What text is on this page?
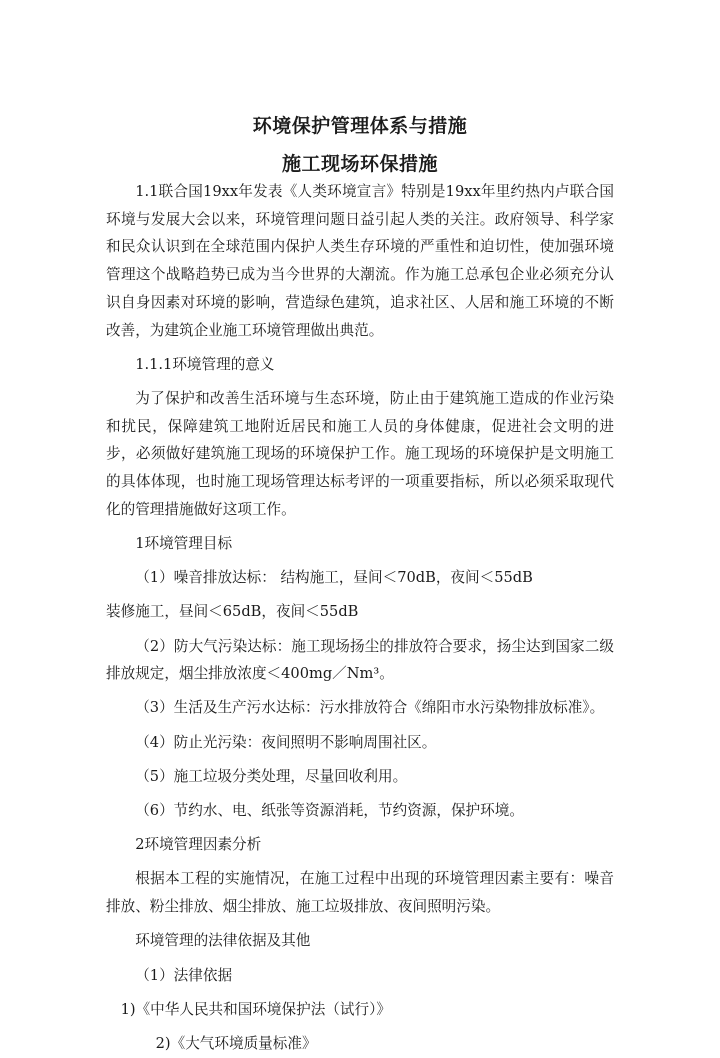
环境保护管理体系与措施
施工现场环保措施

1.1联合国19xx年发表《人类环境宣言》特别是19xx年里约热内卢联合国环境与发展大会以来，环境管理问题日益引起人类的关注。政府领导、科学家和民众认识到在全球范围内保护人类生存环境的严重性和迫切性，使加强环境管理这个战略趋势已成为当今世界的大潮流。作为施工总承包企业必须充分认识自身因素对环境的影响，营造绿色建筑，追求社区、人居和施工环境的不断改善，为建筑企业施工环境管理做出典范。

1.1.1环境管理的意义

为了保护和改善生活环境与生态环境，防止由于建筑施工造成的作业污染和扰民，保障建筑工地附近居民和施工人员的身体健康，促进社会文明的进步，必须做好建筑施工现场的环境保护工作。施工现场的环境保护是文明施工的具体体现，也时施工现场管理达标考评的一项重要指标，所以必须采取现代化的管理措施做好这项工作。

1环境管理目标

（1）噪音排放达标： 结构施工，昼间＜70dB，夜间＜55dB

装修施工，昼间＜65dB，夜间＜55dB

（2）防大气污染达标：施工现场扬尘的排放符合要求，扬尘达到国家二级排放规定，烟尘排放浓度＜400mg／Nm³。

（3）生活及生产污水达标：污水排放符合《绵阳市水污染物排放标准》。

（4）防止光污染：夜间照明不影响周围社区。

（5）施工垃圾分类处理，尽量回收利用。

（6）节约水、电、纸张等资源消耗，节约资源，保护环境。

2环境管理因素分析

根据本工程的实施情况，在施工过程中出现的环境管理因素主要有：噪音排放、粉尘排放、烟尘排放、施工垃圾排放、夜间照明污染。

环境管理的法律依据及其他

（1）法律依据

1)《中华人民共和国环境保护法（试行）》

2)《大气环境质量标准》
